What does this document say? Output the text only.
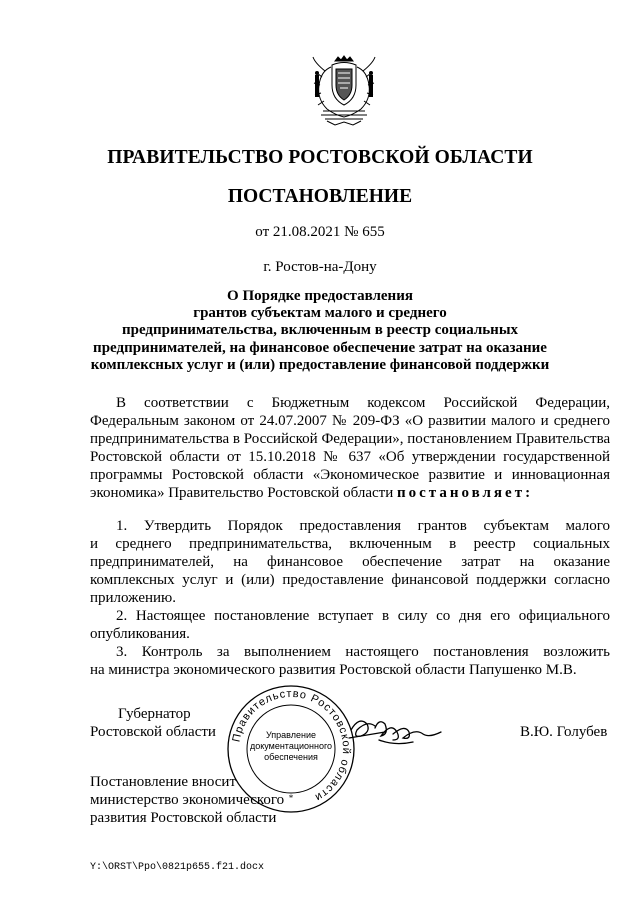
ПРАВИТЕЛЬСТВО РОСТОВСКОЙ ОБЛАСТИ
ПОСТАНОВЛЕНИЕ
от 21.08.2021 № 655
г. Ростов-на-Дону
О Порядке предоставления
грантов субъектам малого и среднего
предпринимательства, включенным в реестр социальных
предпринимателей, на финансовое обеспечение затрат на оказание
комплексных услуг и (или) предоставление финансовой поддержки
В соответствии с Бюджетным кодексом Российской Федерации,
Федеральным законом от 24.07.2007 № 209-ФЗ «О развитии малого и среднего
предпринимательства в Российской Федерации», постановлением Правительства
Ростовской области от 15.10.2018 № 637 «Об утверждении государственной
программы Ростовской области «Экономическое развитие и инновационная
экономика» Правительство Ростовской области постановляет:
1. Утвердить Порядок предоставления грантов субъектам малого
и среднего предпринимательства, включенным в реестр социальных
предпринимателей, на финансовое обеспечение затрат на оказание
комплексных услуг и (или) предоставление финансовой поддержки согласно
приложению.
2. Настоящее постановление вступает в силу со дня его официального
опубликования.
3. Контроль за выполнением настоящего постановления возложить
на министра экономического развития Ростовской области Папушенко М.В.
Правительство Ростовской области
Управление
документационного
обеспечения
*
Губернатор
Ростовской области	В.Ю. Голубев
Постановление вносит
министерство экономического
развития Ростовской области
Y:\ORST\Ppo\0821p655.f21.docx
